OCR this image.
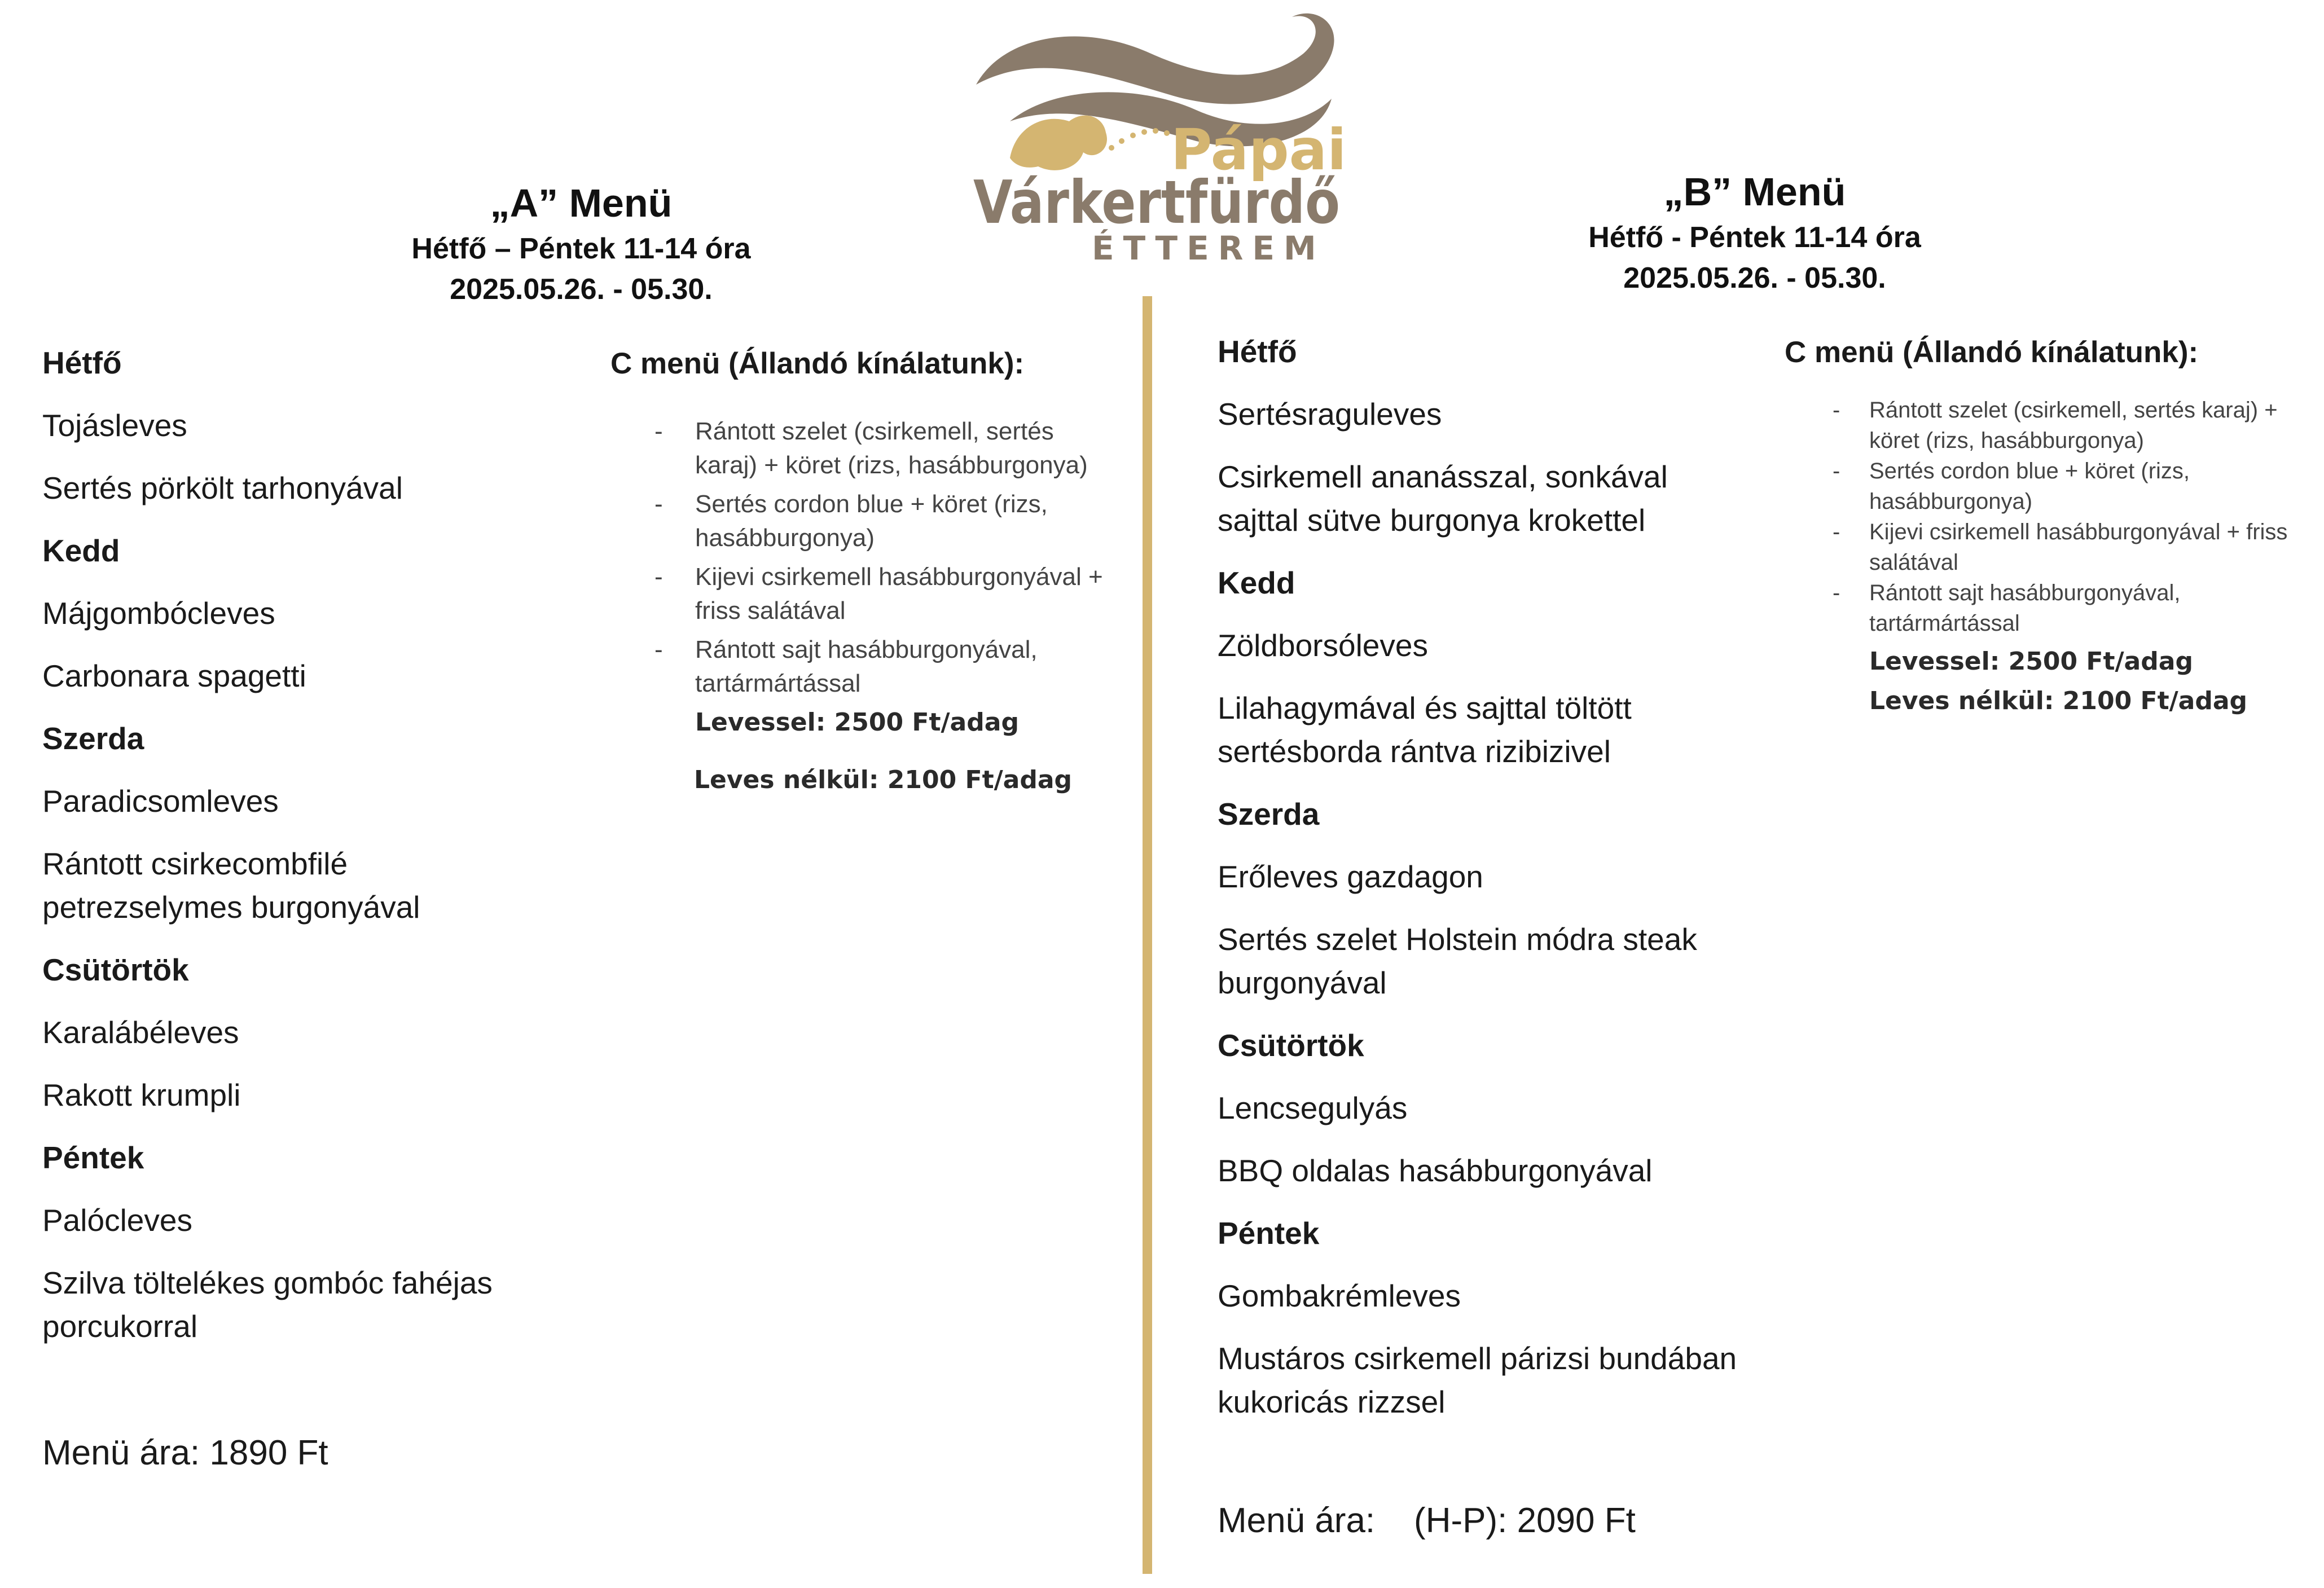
Pápai
Várkertfürdő
ÉTTEREM
„A” Menü
Hétfő – Péntek 11-14 óra
2025.05.26. - 05.30.
„B” Menü
Hétfő - Péntek 11-14 óra
2025.05.26. - 05.30.
Hétfő
Tojásleves
Sertés pörkölt tarhonyával
Kedd
Májgombócleves
Carbonara spagetti
Szerda
Paradicsomleves
Rántott csirkecombfilé
petrezselymes burgonyával
Csütörtök
Karalábéleves
Rakott krumpli
Péntek
Palócleves
Szilva töltelékes gombóc fahéjas
porcukorral
Menü ára: 1890 Ft
C menü (Állandó kínálatunk):
- Rántott szelet (csirkemell, sertés karaj) + köret (rizs, hasábburgonya)
- Sertés cordon blue + köret (rizs, hasábburgonya)
- Kijevi csirkemell hasábburgonyával + friss salátával
- Rántott sajt hasábburgonyával, tartármártással
Levessel: 2500 Ft/adag
Leves nélkül: 2100 Ft/adag
Hétfő
Sertésraguleves
Csirkemell ananásszal, sonkával
sajttal sütve burgonya krokettel
Kedd
Zöldborsóleves
Lilahagymával és sajttal töltött
sertésborda rántva rizibizivel
Szerda
Erőleves gazdagon
Sertés szelet Holstein módra steak
burgonyával
Csütörtök
Lencsegulyás
BBQ oldalas hasábburgonyával
Péntek
Gombakrémleves
Mustáros csirkemell párizsi bundában
kukoricás rizzsel
Menü ára:    (H-P): 2090 Ft
C menü (Állandó kínálatunk):
- Rántott szelet (csirkemell, sertés karaj) + köret (rizs, hasábburgonya)
- Sertés cordon blue + köret (rizs, hasábburgonya)
- Kijevi csirkemell hasábburgonyával + friss salátával
- Rántott sajt hasábburgonyával, tartármártással
Levessel: 2500 Ft/adag
Leves nélkül: 2100 Ft/adag
